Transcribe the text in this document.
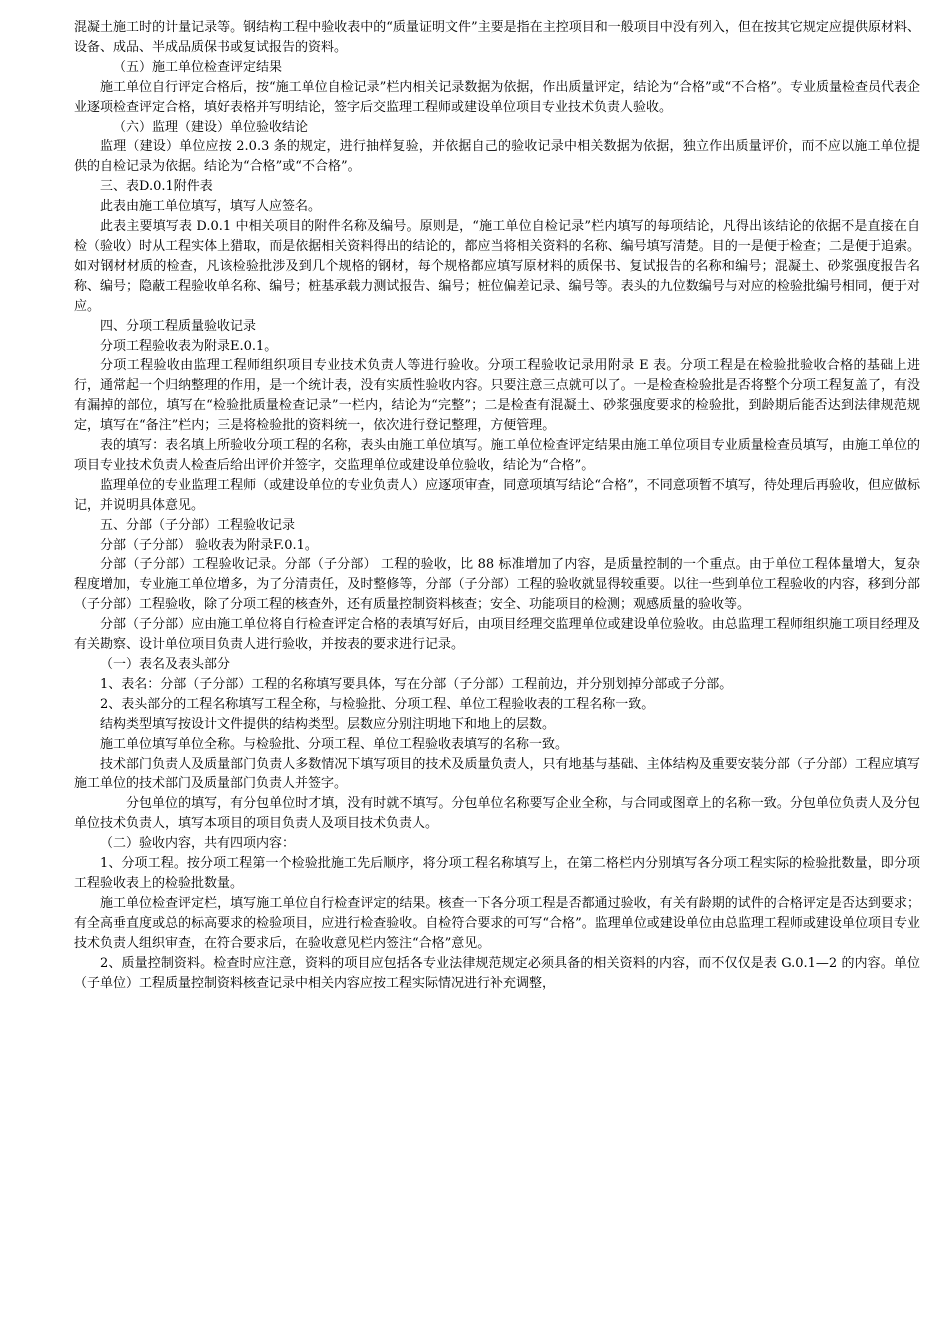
混凝土施工时的计量记录等。钢结构工程中验收表中的“质量证明文件”主要是指在主控项目和一般项目中没有列入，但在按其它规定应提供原材料、设备、成品、半成品质保书或复试报告的资料。

（五）施工单位检查评定结果

施工单位自行评定合格后，按“施工单位自检记录”栏内相关记录数据为依据，作出质量评定，结论为“合格”或“不合格”。专业质量检查员代表企业逐项检查评定合格，填好表格并写明结论，签字后交监理工程师或建设单位项目专业技术负责人验收。

（六）监理（建设）单位验收结论

监理（建设）单位应按 2.0.3 条的规定，进行抽样复验，并依据自己的验收记录中相关数据为依据，独立作出质量评价，而不应以施工单位提供的自检记录为依据。结论为“合格”或“不合格”。

三、表D.0.1附件表

此表由施工单位填写，填写人应签名。

此表主要填写表 D.0.1 中相关项目的附件名称及编号。原则是，“施工单位自检记录”栏内填写的每项结论，凡得出该结论的依据不是直接在自检（验收）时从工程实体上猎取，而是依据相关资料得出的结论的，都应当将相关资料的名称、编号填写清楚。目的一是便于检查；二是便于追索。如对钢材材质的检查，凡该检验批涉及到几个规格的钢材，每个规格都应填写原材料的质保书、复试报告的名称和编号；混凝土、砂浆强度报告名称、编号；隐蔽工程验收单名称、编号；桩基承载力测试报告、编号；桩位偏差记录、编号等。表头的九位数编号与对应的检验批编号相同，便于对应。

四、分项工程质量验收记录

分项工程验收表为附录E.0.1。

分项工程验收由监理工程师组织项目专业技术负责人等进行验收。分项工程验收记录用附录 E 表。分项工程是在检验批验收合格的基础上进行，通常起一个归纳整理的作用，是一个统计表，没有实质性验收内容。只要注意三点就可以了。一是检查检验批是否将整个分项工程复盖了，有没有漏掉的部位，填写在“检验批质量检查记录”一栏内，结论为“完整”；二是检查有混凝土、砂浆强度要求的检验批，到龄期后能否达到法律规范规定，填写在“备注”栏内；三是将检验批的资料统一，依次进行登记整理，方便管理。

表的填写：表名填上所验收分项工程的名称，表头由施工单位填写。施工单位检查评定结果由施工单位项目专业质量检查员填写，由施工单位的项目专业技术负责人检查后给出评价并签字，交监理单位或建设单位验收，结论为“合格”。

监理单位的专业监理工程师（或建设单位的专业负责人）应逐项审查，同意项填写结论“合格”，不同意项暂不填写，待处理后再验收，但应做标记，并说明具体意见。

五、分部（子分部）工程验收记录

分部（子分部） 验收表为附录F.0.1。

分部（子分部）工程验收记录。分部（子分部） 工程的验收，比 88 标准增加了内容，是质量控制的一个重点。由于单位工程体量增大，复杂程度增加，专业施工单位增多，为了分清责任，及时整修等，分部（子分部）工程的验收就显得较重要。以往一些到单位工程验收的内容，移到分部（子分部）工程验收，除了分项工程的核查外，还有质量控制资料核查；安全、功能项目的检测；观感质量的验收等。

分部（子分部）应由施工单位将自行检查评定合格的表填写好后，由项目经理交监理单位或建设单位验收。由总监理工程师组织施工项目经理及有关勘察、设计单位项目负责人进行验收，并按表的要求进行记录。

（一）表名及表头部分

1、表名：分部（子分部）工程的名称填写要具体，写在分部（子分部）工程前边，并分别划掉分部或子分部。

2、表头部分的工程名称填写工程全称，与检验批、分项工程、单位工程验收表的工程名称一致。

结构类型填写按设计文件提供的结构类型。层数应分别注明地下和地上的层数。

施工单位填写单位全称。与检验批、分项工程、单位工程验收表填写的名称一致。

技术部门负责人及质量部门负责人多数情况下填写项目的技术及质量负责人，只有地基与基础、主体结构及重要安装分部（子分部）工程应填写施工单位的技术部门及质量部门负责人并签字。

分包单位的填写，有分包单位时才填，没有时就不填写。分包单位名称要写企业全称，与合同或图章上的名称一致。分包单位负责人及分包单位技术负责人，填写本项目的项目负责人及项目技术负责人。

（二）验收内容，共有四项内容：

1、分项工程。按分项工程第一个检验批施工先后顺序，将分项工程名称填写上，在第二格栏内分别填写各分项工程实际的检验批数量，即分项工程验收表上的检验批数量。

施工单位检查评定栏，填写施工单位自行检查评定的结果。核查一下各分项工程是否都通过验收，有关有龄期的试件的合格评定是否达到要求；有全高垂直度或总的标高要求的检验项目，应进行检查验收。自检符合要求的可写“合格”。监理单位或建设单位由总监理工程师或建设单位项目专业技术负责人组织审查，在符合要求后，在验收意见栏内签注“合格”意见。

2、质量控制资料。检查时应注意，资料的项目应包括各专业法律规范规定必须具备的相关资料的内容，而不仅仅是表 G.0.1—2 的内容。单位（子单位）工程质量控制资料核查记录中相关内容应按工程实际情况进行补充调整，
